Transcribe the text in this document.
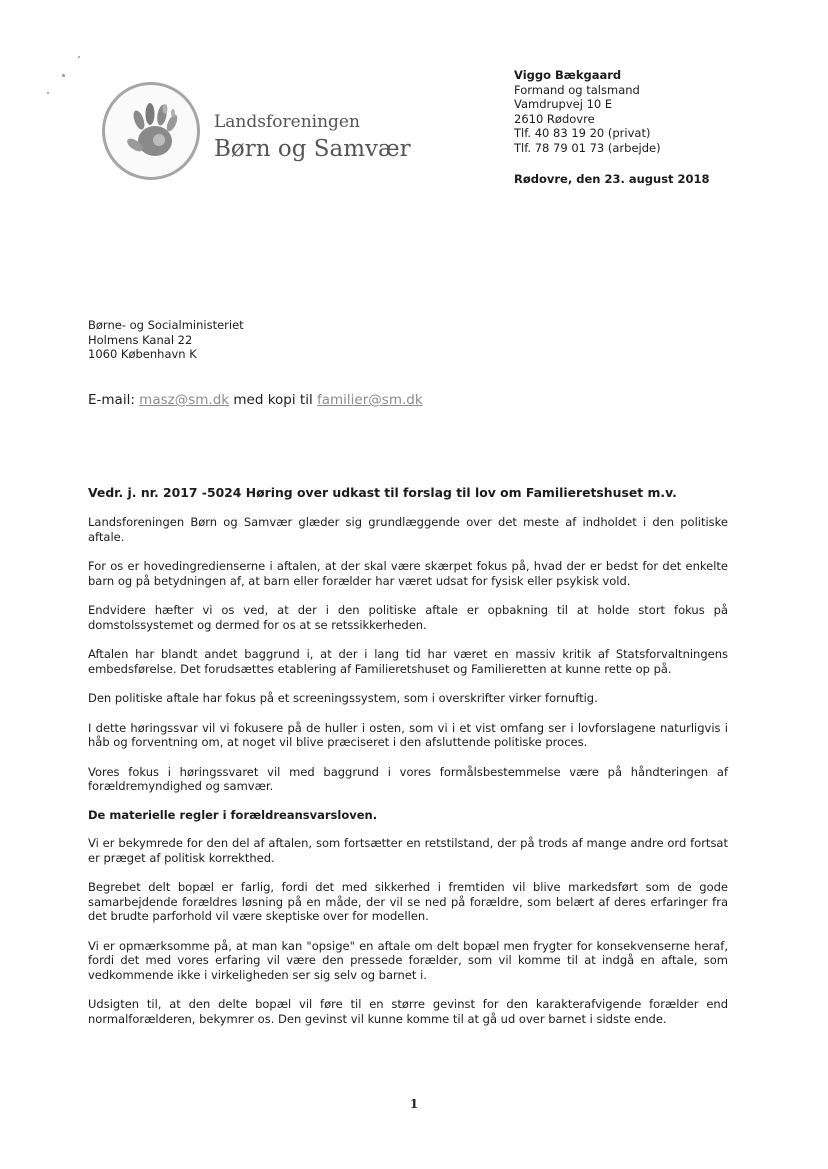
Landsforeningen
Børn og Samvær
Viggo Bækgaard
Formand og talsmand
Vamdrupvej 10 E
2610 Rødovre
Tlf. 40 83 19 20 (privat)
Tlf. 78 79 01 73 (arbejde)
Rødovre, den 23. august 2018
Børne- og Socialministeriet
Holmens Kanal 22
1060 København K
E-mail: masz@sm.dk med kopi til familier@sm.dk
Vedr. j. nr. 2017 -5024 Høring over udkast til forslag til lov om Familieretshuset m.v.

Landsforeningen Børn og Samvær glæder sig grundlæggende over det meste af indholdet i den politiske aftale.

For os er hovedingredienserne i aftalen, at der skal være skærpet fokus på, hvad der er bedst for det enkelte barn og på betydningen af, at barn eller forælder har været udsat for fysisk eller psykisk vold.

Endvidere hæfter vi os ved, at der i den politiske aftale er opbakning til at holde stort fokus på domstolssystemet og dermed for os at se retssikkerheden.

Aftalen har blandt andet baggrund i, at der i lang tid har været en massiv kritik af Statsforvaltningens embedsførelse. Det forudsættes etablering af Familieretshuset og Familieretten at kunne rette op på.

Den politiske aftale har fokus på et screeningssystem, som i overskrifter virker fornuftig.

I dette høringssvar vil vi fokusere på de huller i osten, som vi i et vist omfang ser i lovforslagene naturligvis i håb og forventning om, at noget vil blive præciseret i den afsluttende politiske proces.

Vores fokus i høringssvaret vil med baggrund i vores formålsbestemmelse være på håndteringen af forældremyndighed og samvær.

De materielle regler i forældreansvarsloven.

Vi er bekymrede for den del af aftalen, som fortsætter en retstilstand, der på trods af mange andre ord fortsat er præget af politisk korrekthed.

Begrebet delt bopæl er farlig, fordi det med sikkerhed i fremtiden vil blive markedsført som de gode samarbejdende forældres løsning på en måde, der vil se ned på forældre, som belært af deres erfaringer fra det brudte parforhold vil være skeptiske over for modellen.

Vi er opmærksomme på, at man kan "opsige" en aftale om delt bopæl men frygter for konsekvenserne heraf, fordi det med vores erfaring vil være den pressede forælder, som vil komme til at indgå en aftale, som vedkommende ikke i virkeligheden ser sig selv og barnet i.

Udsigten til, at den delte bopæl vil føre til en større gevinst for den karakterafvigende forælder end normalforælderen, bekymrer os. Den gevinst vil kunne komme til at gå ud over barnet i sidste ende.

1
